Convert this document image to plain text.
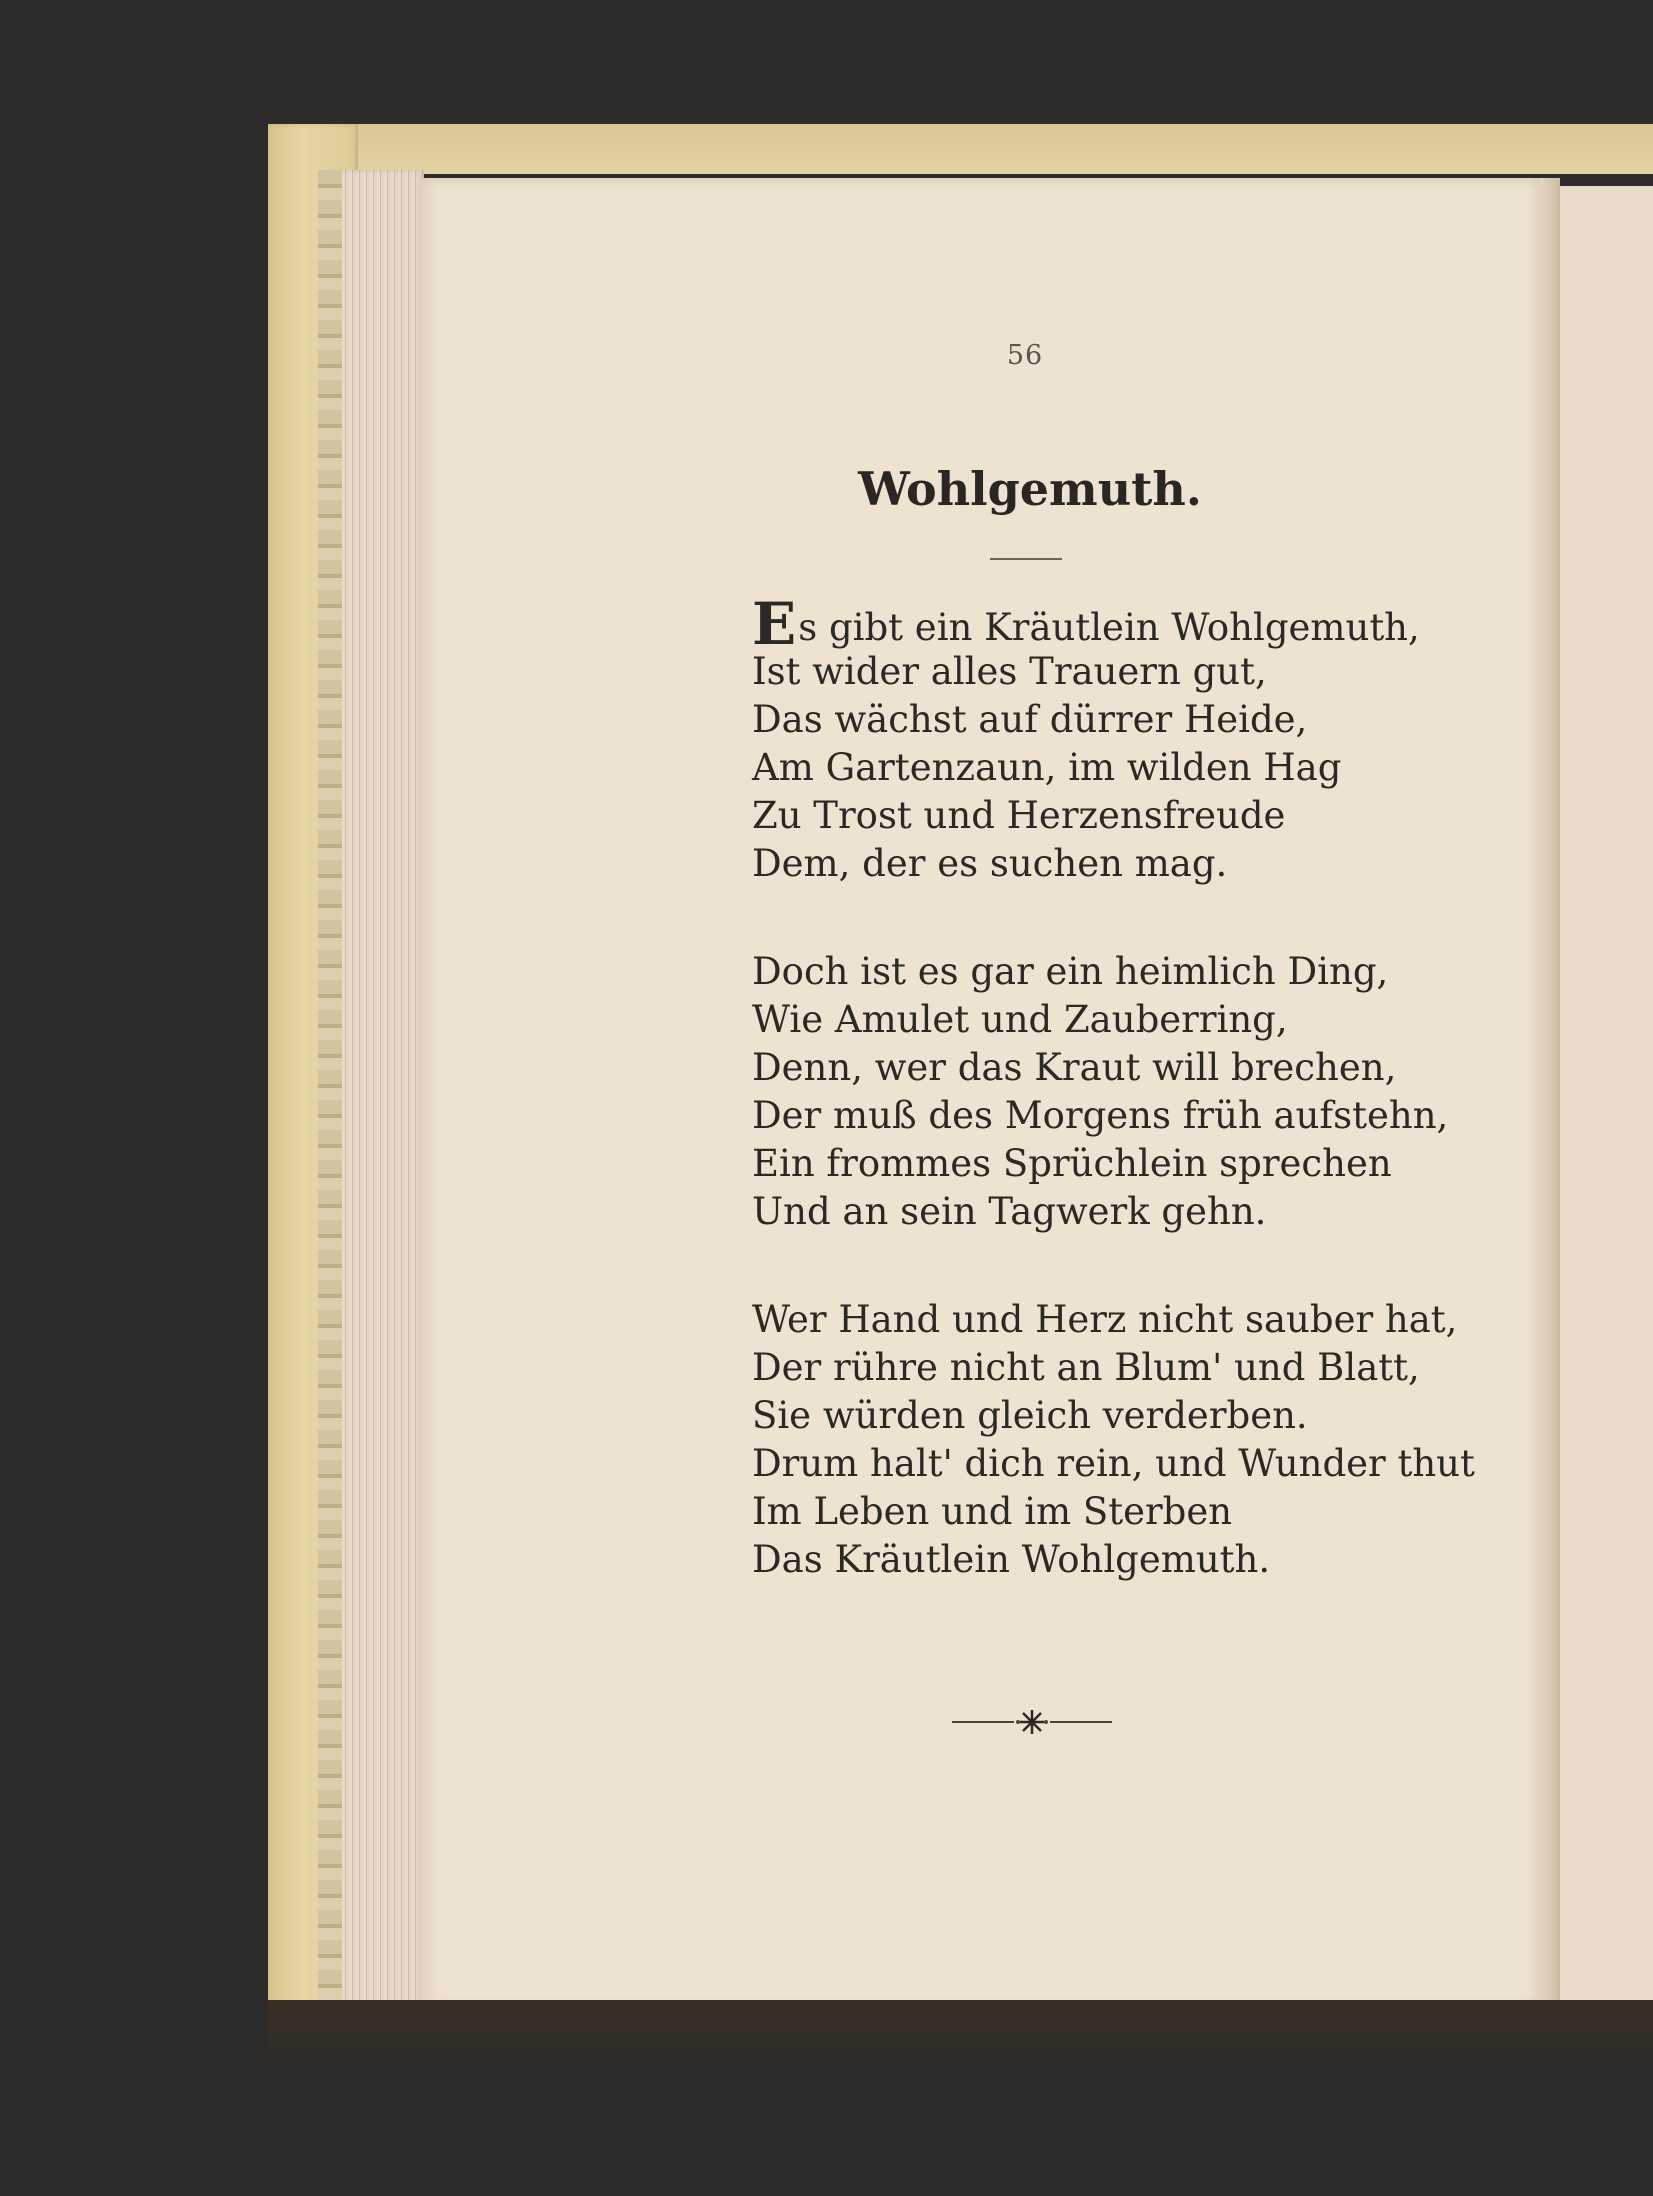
56
Wohlgemuth.
Es gibt ein Kräutlein Wohlgemuth,
Ist wider alles Trauern gut,
Das wächst auf dürrer Heide,
Am Gartenzaun, im wilden Hag
Zu Trost und Herzensfreude
Dem, der es suchen mag.
Doch ist es gar ein heimlich Ding,
Wie Amulet und Zauberring,
Denn, wer das Kraut will brechen,
Der muß des Morgens früh aufstehn,
Ein frommes Sprüchlein sprechen
Und an sein Tagwerk gehn.
Wer Hand und Herz nicht sauber hat,
Der rühre nicht an Blum' und Blatt,
Sie würden gleich verderben.
Drum halt' dich rein, und Wunder thut
Im Leben und im Sterben
Das Kräutlein Wohlgemuth.
